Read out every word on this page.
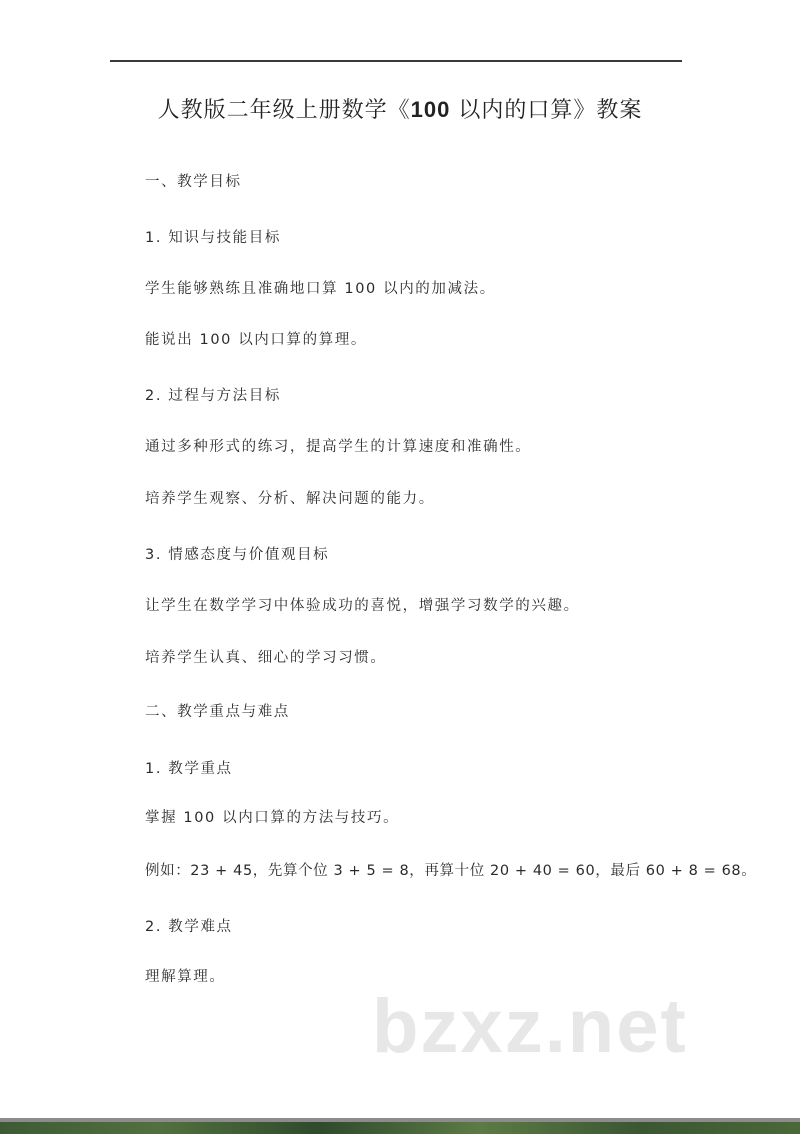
人教版二年级上册数学《100 以内的口算》教案
一、教学目标
1. 知识与技能目标
学生能够熟练且准确地口算 100 以内的加减法。
能说出 100 以内口算的算理。
2. 过程与方法目标
通过多种形式的练习，提高学生的计算速度和准确性。
培养学生观察、分析、解决问题的能力。
3. 情感态度与价值观目标
让学生在数学学习中体验成功的喜悦，增强学习数学的兴趣。
培养学生认真、细心的学习习惯。
二、教学重点与难点
1. 教学重点
掌握 100 以内口算的方法与技巧。
例如：23 + 45，先算个位 3 + 5 = 8，再算十位 20 + 40 = 60，最后 60 + 8 = 68。
2. 教学难点
理解算理。
bzxz.net
